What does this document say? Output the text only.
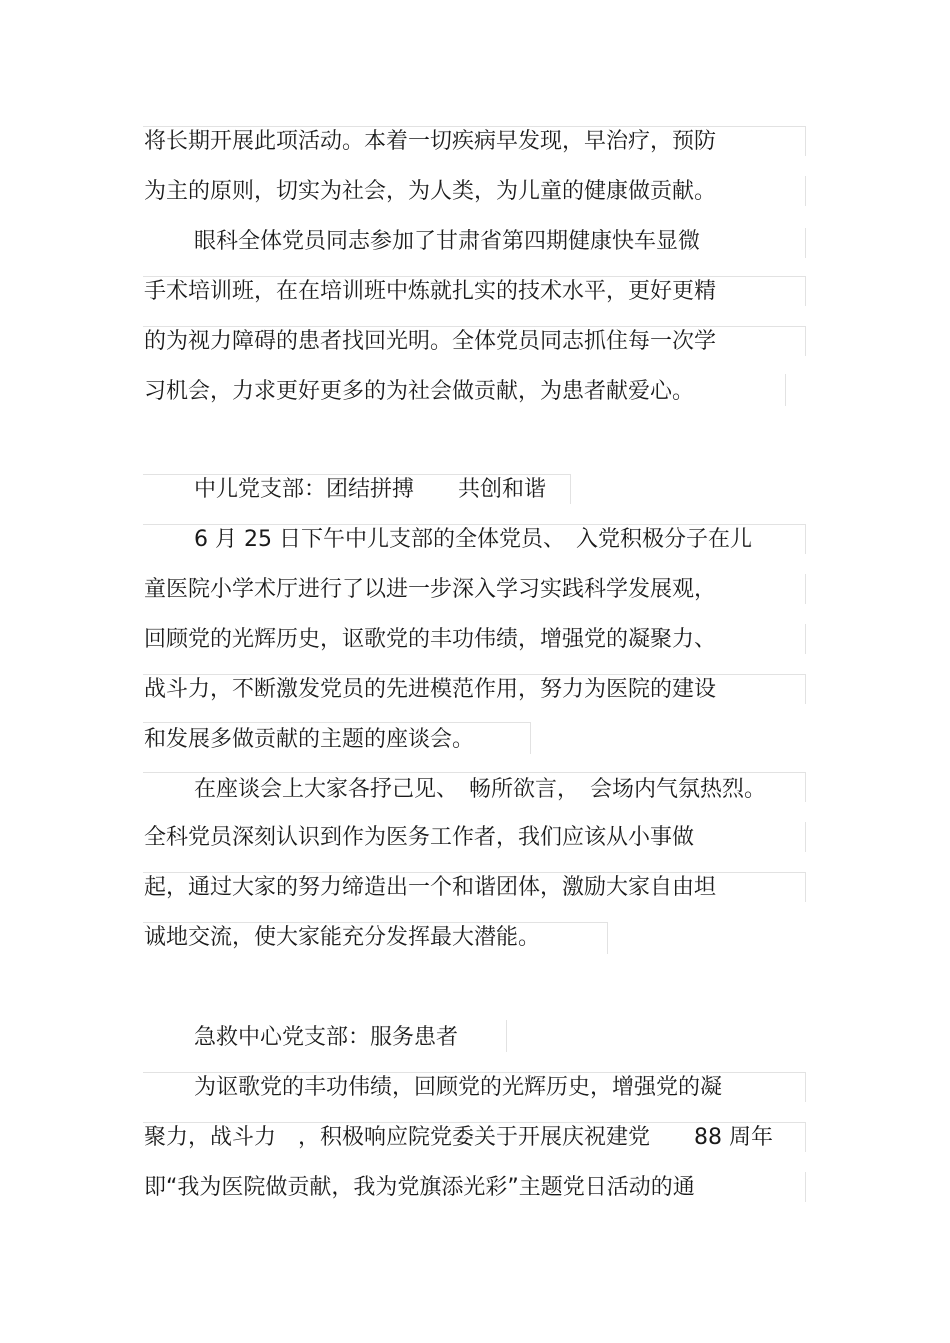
将长期开展此项活动。本着一切疾病早发现，早治疗，预防
为主的原则，切实为社会，为人类，为儿童的健康做贡献。
眼科全体党员同志参加了甘肃省第四期健康快车显微
手术培训班，在在培训班中炼就扎实的技术水平，更好更精
的为视力障碍的患者找回光明。全体党员同志抓住每一次学
习机会，力求更好更多的为社会做贡献，为患者献爱心。
中儿党支部：团结拼搏　　共创和谐
6 月 25 日下午中儿支部的全体党员、　入党积极分子在儿
童医院小学术厅进行了以进一步深入学习实践科学发展观，
回顾党的光辉历史，讴歌党的丰功伟绩，增强党的凝聚力、
战斗力，不断激发党员的先进模范作用，努力为医院的建设
和发展多做贡献的主题的座谈会。
在座谈会上大家各抒己见、　畅所欲言，　会场内气氛热烈。
全科党员深刻认识到作为医务工作者，我们应该从小事做
起，通过大家的努力缔造出一个和谐团体，激励大家自由坦
诚地交流，使大家能充分发挥最大潜能。
急救中心党支部：服务患者
为讴歌党的丰功伟绩，回顾党的光辉历史，增强党的凝
聚力，战斗力　，积极响应院党委关于开展庆祝建党　　88 周年
即“我为医院做贡献，我为党旗添光彩”主题党日活动的通
